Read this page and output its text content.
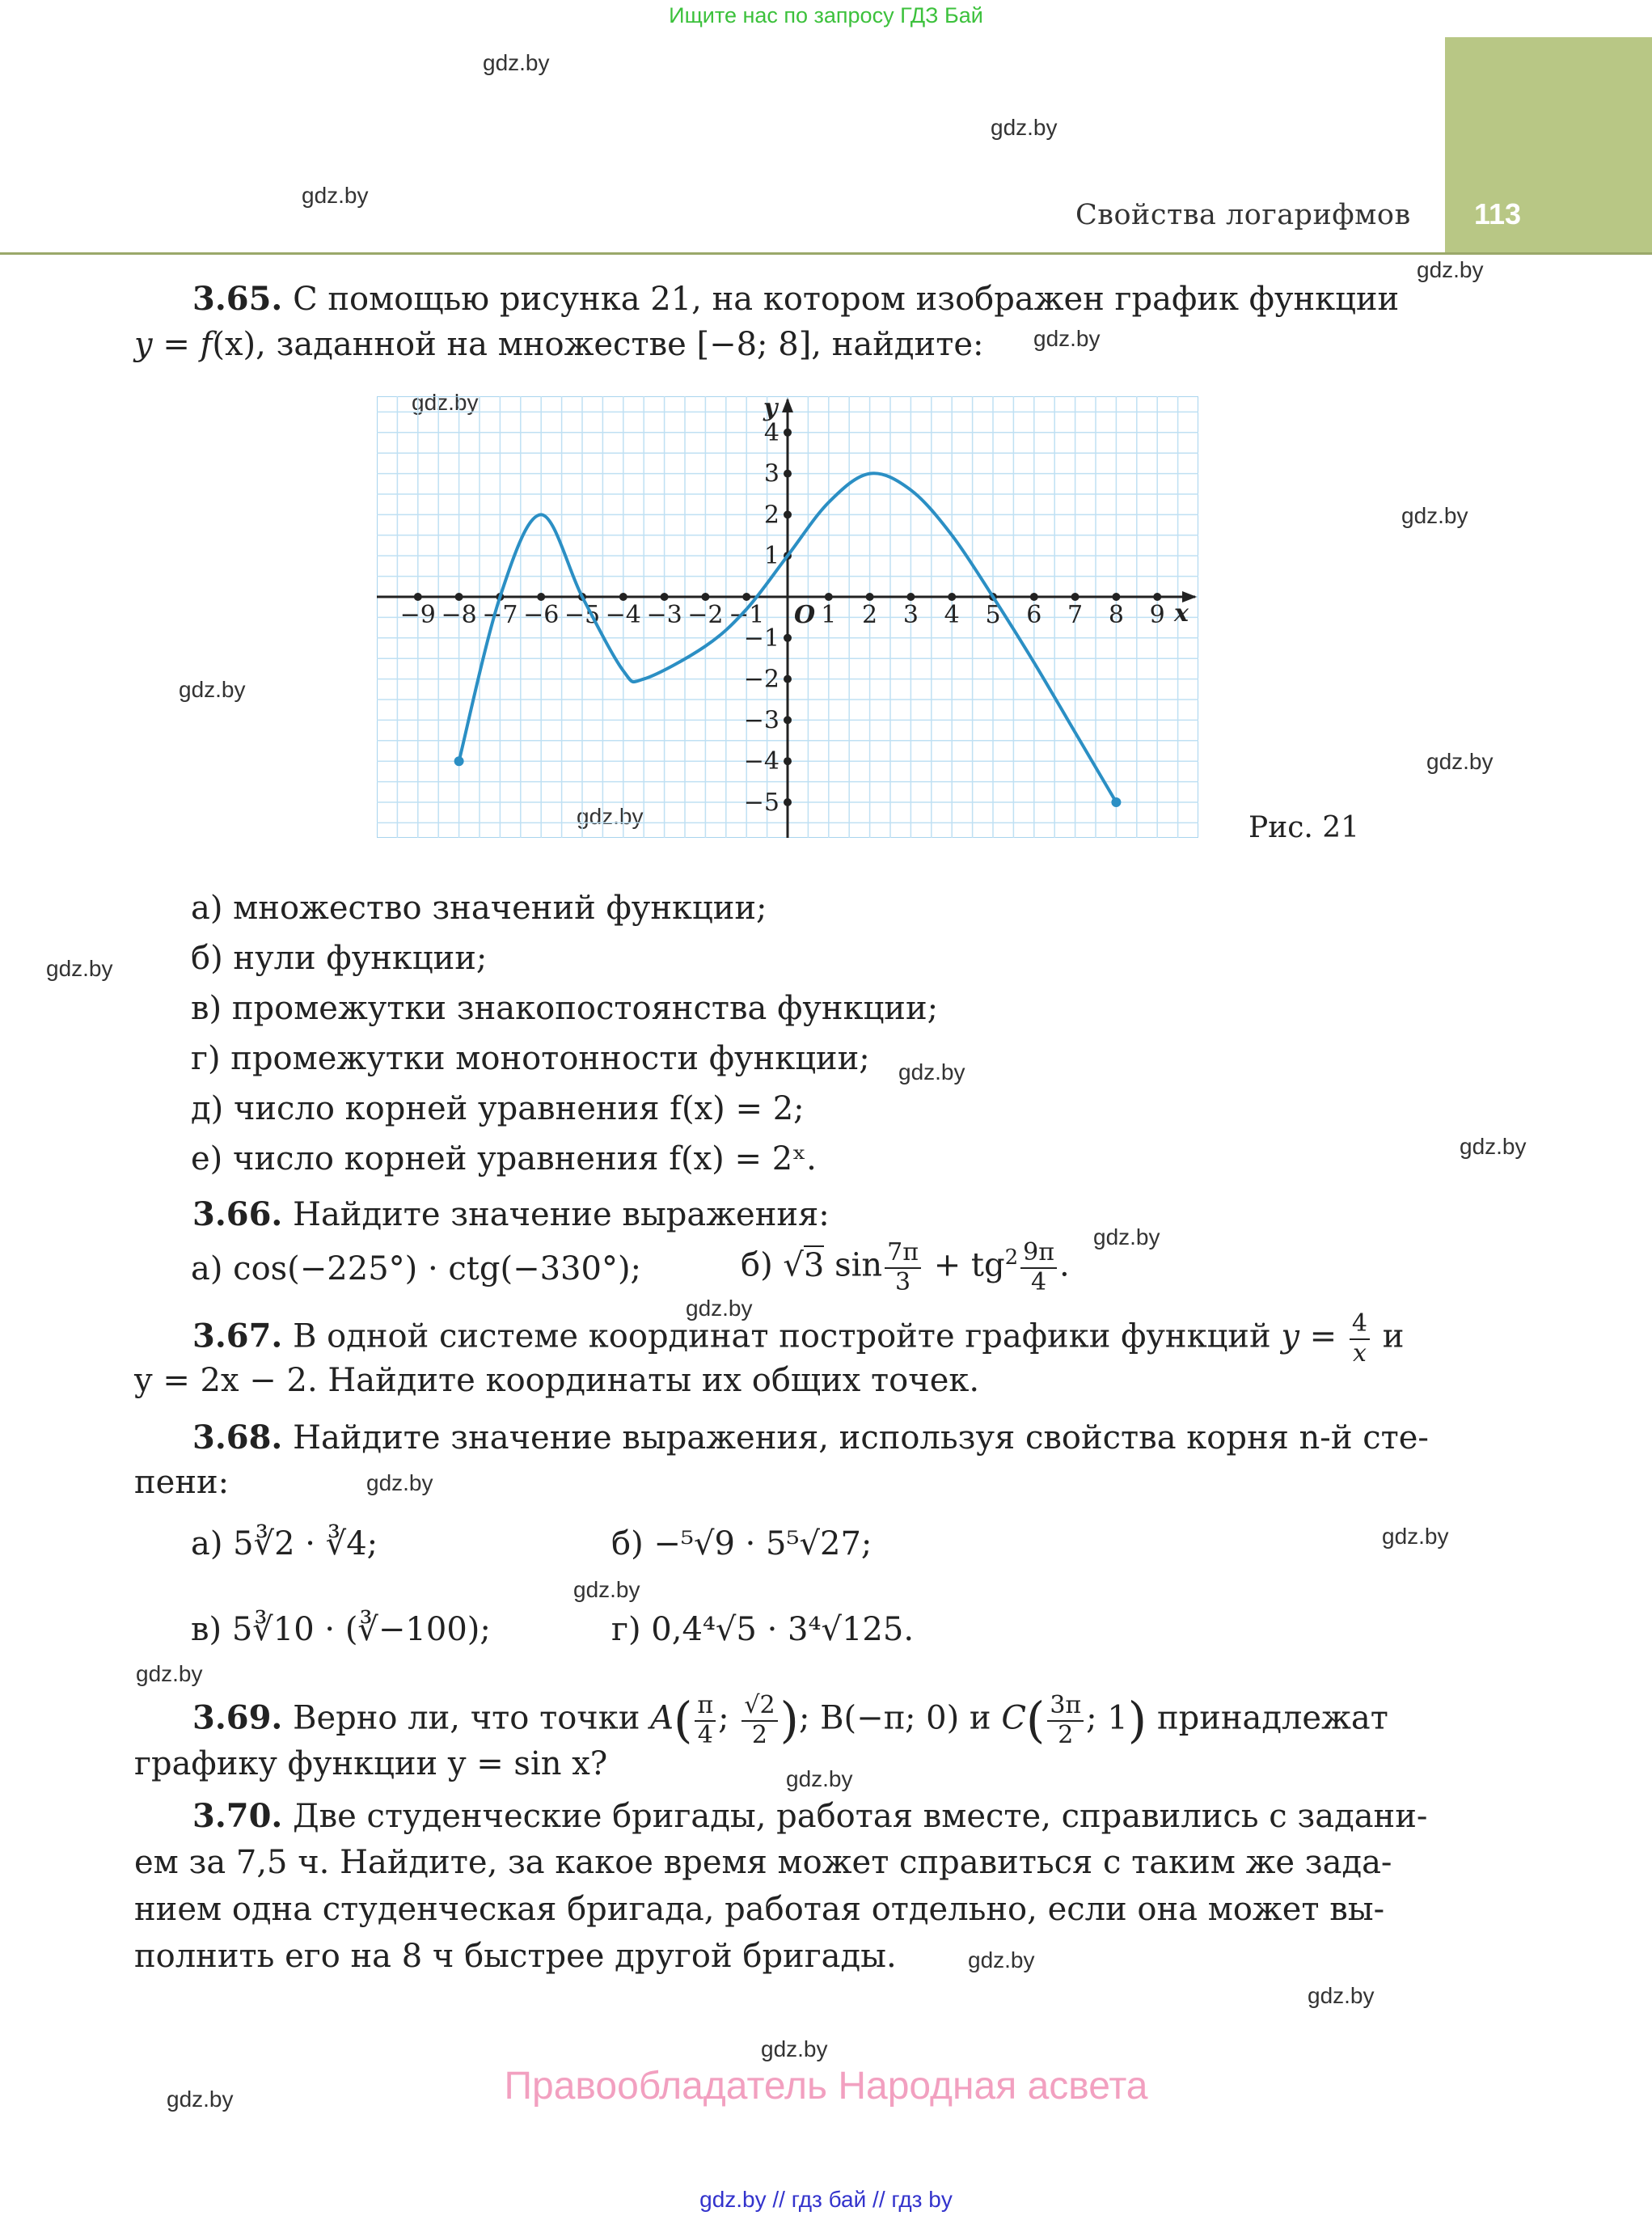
Ищите нас по запросу ГДЗ Бай
113
Свойства логарифмов
gdz.by
gdz.by
gdz.by
gdz.by
gdz.by
gdz.by
gdz.by
gdz.by
gdz.by
gdz.by
gdz.by
gdz.by
gdz.by
gdz.by
gdz.by
gdz.by
gdz.by
gdz.by
gdz.by
gdz.by
gdz.by
gdz.by
gdz.by
gdz.by
3.65. С помощью рисунка 21, на котором изображен график функции
y = f(x), заданной на множестве [−8; 8], найдите:
x
y
O
−9 −8 −7 −6 −5 −4 −3 −2 −1 1 2 3 4 5 6 7 8 9
4
3
2
1
−1
−2
−3
−4
−5
Рис. 21
а) множество значений функции;
б) нули функции;
в) промежутки знакопостоянства функции;
г) промежутки монотонности функции;
д) число корней уравнения f(x) = 2;
е) число корней уравнения f(x) = 2ˣ.
3.66. Найдите значение выражения:
а) cos(−225°) · ctg(−330°);	б) √3 $\sin \frac{7\pi}{3} + tg^2 \frac{9\pi}{4}$ .
3.67. В одной системе координат постройте графики функций $y = \frac{4}{x}$ и
y = 2x − 2. Найдите координаты их общих точек.
3.68. Найдите значение выражения, используя свойства корня n-й сте-
пени:
а) 5∛2 · ∛4;	б) −⁵√9 · 5⁵√27;
в) 5∛10 · (∛−100);	г) 0,4⁴√5 · 3⁴√125.
3.69. Верно ли, что точки $A( \frac{\pi}{4}$ ; $\frac{√2}{2}$ ); B(−π; 0) и $C( \frac{3\pi}{2}$ ; 1) принадлежат
графику функции y = sin x?
3.70. Две студенческие бригады, работая вместе, справились с задани-
ем за 7,5 ч. Найдите, за какое время может справиться с таким же зада-
нием одна студенческая бригада, работая отдельно, если она может вы-
полнить его на 8 ч быстрее другой бригады.
Правообладатель Народная асвета
gdz.by // гдз бай // гдз by
